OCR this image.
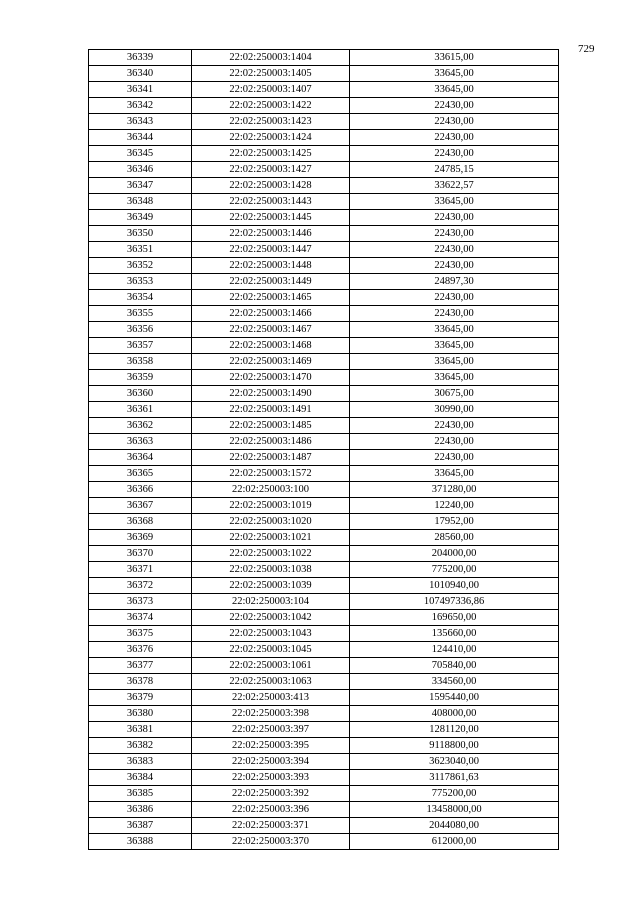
729
36339	22:02:250003:1404	33615,00
36340	22:02:250003:1405	33645,00
36341	22:02:250003:1407	33645,00
36342	22:02:250003:1422	22430,00
36343	22:02:250003:1423	22430,00
36344	22:02:250003:1424	22430,00
36345	22:02:250003:1425	22430,00
36346	22:02:250003:1427	24785,15
36347	22:02:250003:1428	33622,57
36348	22:02:250003:1443	33645,00
36349	22:02:250003:1445	22430,00
36350	22:02:250003:1446	22430,00
36351	22:02:250003:1447	22430,00
36352	22:02:250003:1448	22430,00
36353	22:02:250003:1449	24897,30
36354	22:02:250003:1465	22430,00
36355	22:02:250003:1466	22430,00
36356	22:02:250003:1467	33645,00
36357	22:02:250003:1468	33645,00
36358	22:02:250003:1469	33645,00
36359	22:02:250003:1470	33645,00
36360	22:02:250003:1490	30675,00
36361	22:02:250003:1491	30990,00
36362	22:02:250003:1485	22430,00
36363	22:02:250003:1486	22430,00
36364	22:02:250003:1487	22430,00
36365	22:02:250003:1572	33645,00
36366	22:02:250003:100	371280,00
36367	22:02:250003:1019	12240,00
36368	22:02:250003:1020	17952,00
36369	22:02:250003:1021	28560,00
36370	22:02:250003:1022	204000,00
36371	22:02:250003:1038	775200,00
36372	22:02:250003:1039	1010940,00
36373	22:02:250003:104	107497336,86
36374	22:02:250003:1042	169650,00
36375	22:02:250003:1043	135660,00
36376	22:02:250003:1045	124410,00
36377	22:02:250003:1061	705840,00
36378	22:02:250003:1063	334560,00
36379	22:02:250003:413	1595440,00
36380	22:02:250003:398	408000,00
36381	22:02:250003:397	1281120,00
36382	22:02:250003:395	9118800,00
36383	22:02:250003:394	3623040,00
36384	22:02:250003:393	3117861,63
36385	22:02:250003:392	775200,00
36386	22:02:250003:396	13458000,00
36387	22:02:250003:371	2044080,00
36388	22:02:250003:370	612000,00
